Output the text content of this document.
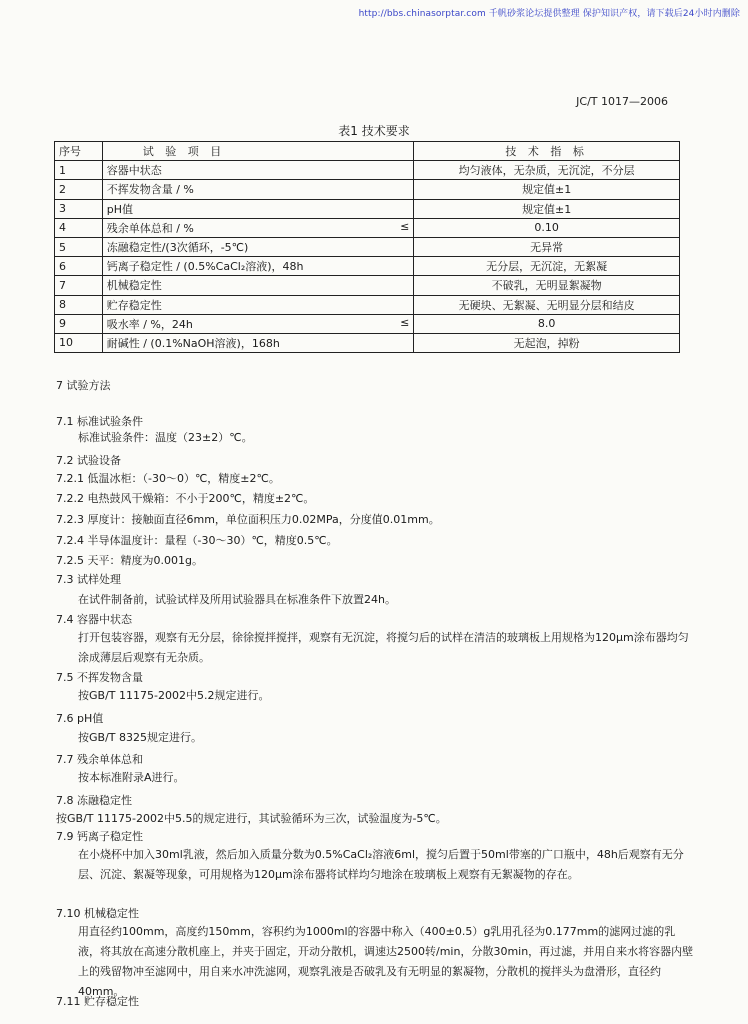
http://bbs.chinasorptar.com 千帆砂浆论坛提供整理 保护知识产权，请下载后24小时内删除
JC/T 1017—2006
表1 技术要求
序号	试 验 项 目	技 术 指 标
1	容器中状态	均匀液体，无杂质，无沉淀，不分层
2	不挥发物含量 / %	规定值±1
3	pH值	规定值±1
4	残余单体总和 / % ≤	0.10
5	冻融稳定性/(3次循环，-5℃)	无异常
6	钙离子稳定性 / (0.5%CaCl₂溶液)，48h	无分层，无沉淀，无絮凝
7	机械稳定性	不破乳，无明显絮凝物
8	贮存稳定性	无硬块、无絮凝、无明显分层和结皮
9	吸水率 / %，24h ≤	8.0
10	耐碱性 / (0.1%NaOH溶液)，168h	无起泡，掉粉
7 试验方法
7.1 标准试验条件
标准试验条件：温度（23±2）℃。
7.2 试验设备
7.2.1 低温冰柜：（-30～0）℃，精度±2℃。
7.2.2 电热鼓风干燥箱：不小于200℃，精度±2℃。
7.2.3 厚度计：接触面直径6mm，单位面积压力0.02MPa，分度值0.01mm。
7.2.4 半导体温度计：量程（-30～30）℃，精度0.5℃。
7.2.5 天平：精度为0.001g。
7.3 试样处理
在试件制备前，试验试样及所用试验器具在标准条件下放置24h。
7.4 容器中状态
打开包装容器，观察有无分层，徐徐搅拌搅拌，观察有无沉淀，将搅匀后的试样在清洁的玻璃板上用规格为120μm涂布器均匀涂成薄层后观察有无杂质。
7.5 不挥发物含量
按GB/T 11175-2002中5.2规定进行。
7.6 pH值
按GB/T 8325规定进行。
7.7 残余单体总和
按本标准附录A进行。
7.8 冻融稳定性
按GB/T 11175-2002中5.5的规定进行，其试验循环为三次，试验温度为-5℃。
7.9 钙离子稳定性
在小烧杯中加入30ml乳液，然后加入质量分数为0.5%CaCl₂溶液6ml，搅匀后置于50ml带塞的广口瓶中，48h后观察有无分层、沉淀、絮凝等现象，可用规格为120μm涂布器将试样均匀地涂在玻璃板上观察有无絮凝物的存在。
7.10 机械稳定性
用直径约100mm，高度约150mm，容积约为1000ml的容器中称入（400±0.5）g乳用孔径为0.177mm的滤网过滤的乳液，将其放在高速分散机座上，并夹于固定，开动分散机，调速达2500转/min，分散30min，再过滤，并用自来水将容器内壁上的残留物冲至滤网中，用自来水冲洗滤网，观察乳液是否破乳及有无明显的絮凝物，分散机的搅拌头为盘滑形，直径约40mm。
7.11 贮存稳定性
